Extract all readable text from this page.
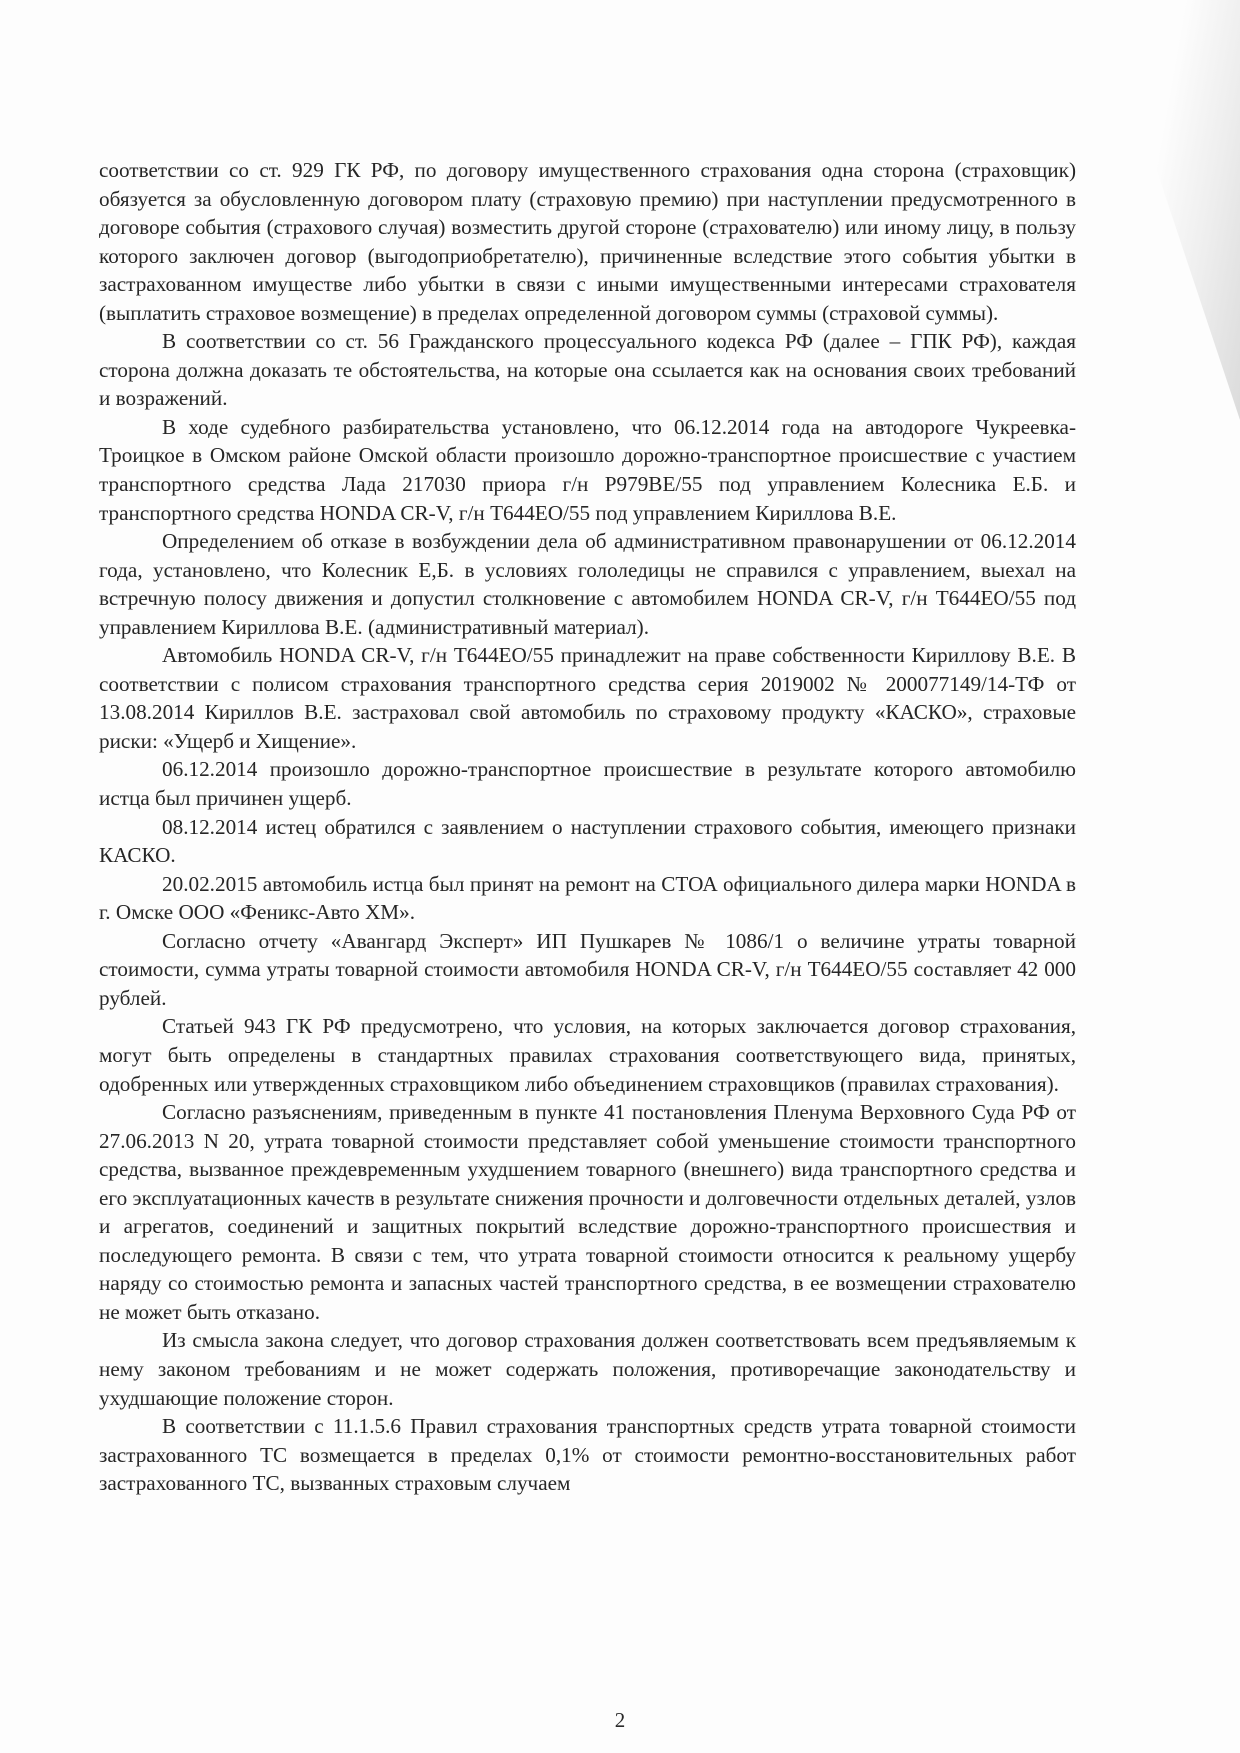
соответствии со ст. 929 ГК РФ, по договору имущественного страхования одна сторона (страховщик) обязуется за обусловленную договором плату (страховую премию) при наступлении предусмотренного в договоре события (страхового случая) возместить другой стороне (страхователю) или иному лицу, в пользу которого заключен договор (выгодоприобретателю), причиненные вследствие этого события убытки в застрахованном имуществе либо убытки в связи с иными имущественными интересами страхователя (выплатить страховое возмещение) в пределах определенной договором суммы (страховой суммы).

В соответствии со ст. 56 Гражданского процессуального кодекса РФ (далее – ГПК РФ), каждая сторона должна доказать те обстоятельства, на которые она ссылается как на основания своих требований и возражений.

В ходе судебного разбирательства установлено, что 06.12.2014 года на автодороге Чукреевка-Троицкое в Омском районе Омской области произошло дорожно-транспортное происшествие с участием транспортного средства Лада 217030 приора г/н Р979ВЕ/55 под управлением Колесника Е.Б. и транспортного средства HONDA CR-V, г/н Т644ЕО/55 под управлением Кириллова В.Е.

Определением об отказе в возбуждении дела об административном правонарушении от 06.12.2014 года, установлено, что Колесник Е,Б. в условиях гололедицы не справился с управлением, выехал на встречную полосу движения и допустил столкновение с автомобилем HONDA CR-V, г/н Т644ЕО/55 под управлением Кириллова В.Е. (административный материал).

Автомобиль HONDA CR-V, г/н Т644ЕО/55 принадлежит на праве собственности Кириллову В.Е. В соответствии с полисом страхования транспортного средства серия 2019002 № 200077149/14-ТФ от 13.08.2014 Кириллов В.Е. застраховал свой автомобиль по страховому продукту «КАСКО», страховые риски: «Ущерб и Хищение».

06.12.2014 произошло дорожно-транспортное происшествие в результате которого автомобилю истца был причинен ущерб.

08.12.2014 истец обратился с заявлением о наступлении страхового события, имеющего признаки КАСКО.

20.02.2015 автомобиль истца был принят на ремонт на СТОА официального дилера марки HONDA в г. Омске ООО «Феникс-Авто ХМ».

Согласно отчету «Авангард Эксперт» ИП Пушкарев № 1086/1 о величине утраты товарной стоимости, сумма утраты товарной стоимости автомобиля HONDA CR-V, г/н Т644ЕО/55 составляет 42 000 рублей.

Статьей 943 ГК РФ предусмотрено, что условия, на которых заключается договор страхования, могут быть определены в стандартных правилах страхования соответствующего вида, принятых, одобренных или утвержденных страховщиком либо объединением страховщиков (правилах страхования).

Согласно разъяснениям, приведенным в пункте 41 постановления Пленума Верховного Суда РФ от 27.06.2013 N 20, утрата товарной стоимости представляет собой уменьшение стоимости транспортного средства, вызванное преждевременным ухудшением товарного (внешнего) вида транспортного средства и его эксплуатационных качеств в результате снижения прочности и долговечности отдельных деталей, узлов и агрегатов, соединений и защитных покрытий вследствие дорожно-транспортного происшествия и последующего ремонта. В связи с тем, что утрата товарной стоимости относится к реальному ущербу наряду со стоимостью ремонта и запасных частей транспортного средства, в ее возмещении страхователю не может быть отказано.

Из смысла закона следует, что договор страхования должен соответствовать всем предъявляемым к нему законом требованиям и не может содержать положения, противоречащие законодательству и ухудшающие положение сторон.

В соответствии с 11.1.5.6 Правил страхования транспортных средств утрата товарной стоимости застрахованного ТС возмещается в пределах 0,1% от стоимости ремонтно-восстановительных работ застрахованного ТС, вызванных страховым случаем

2
